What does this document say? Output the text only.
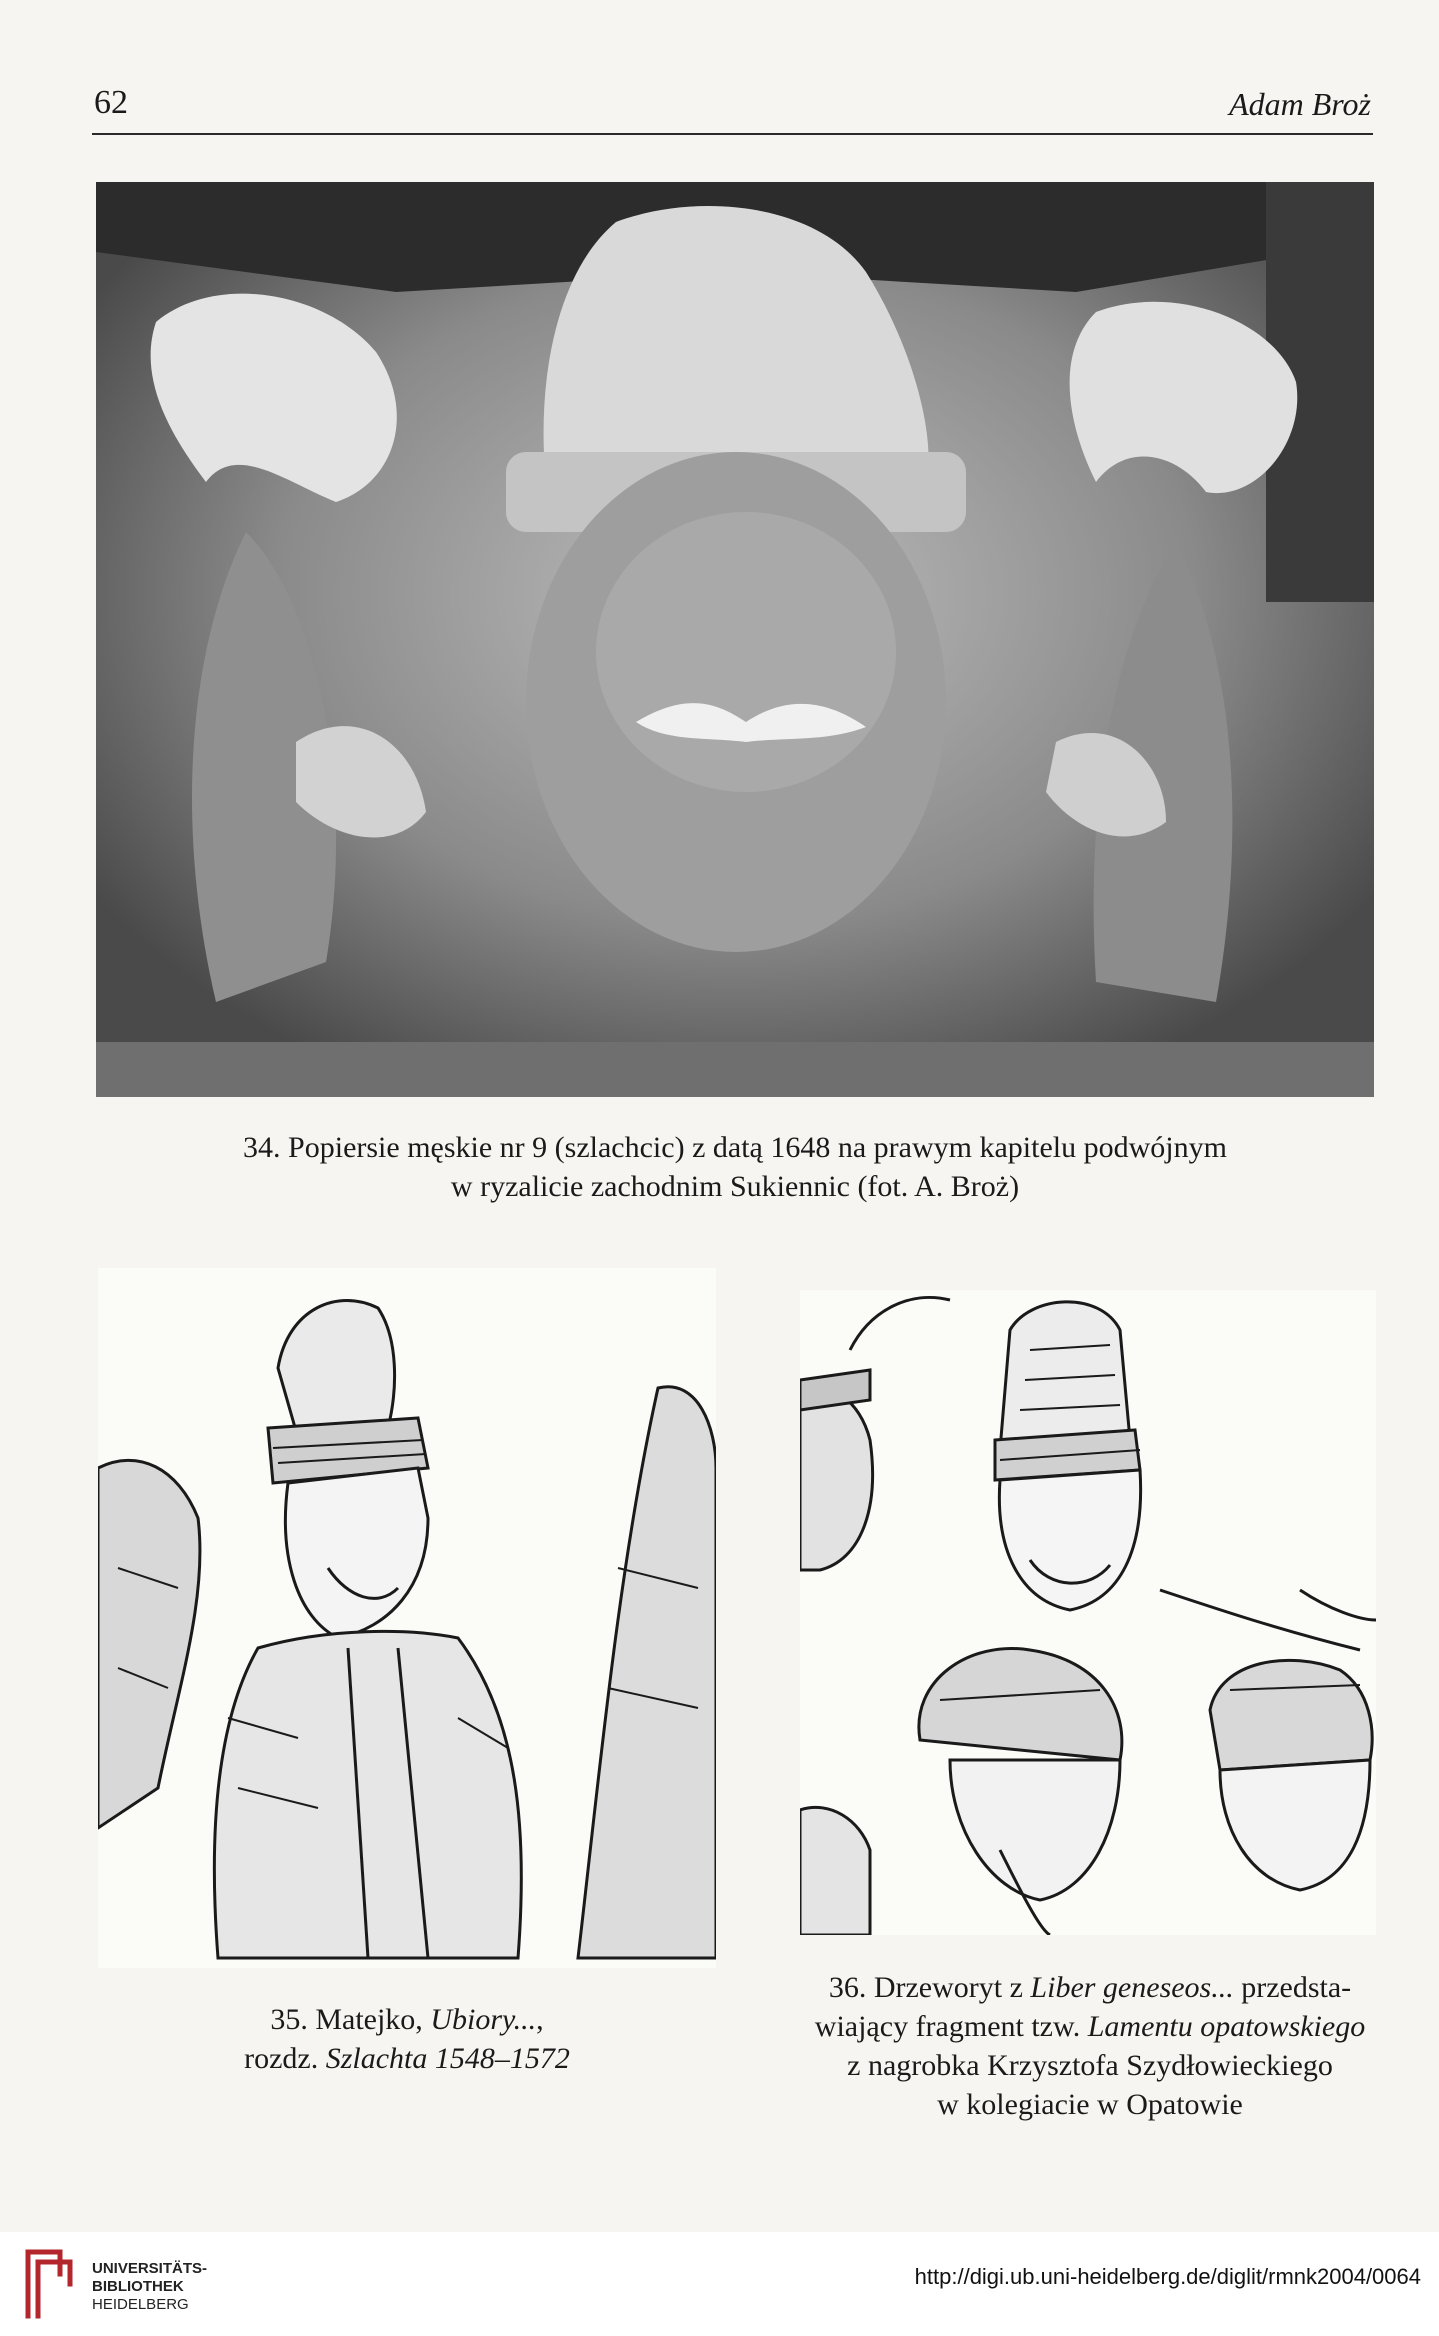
62	Adam Broż
34. Popiersie męskie nr 9 (szlachcic) z datą 1648 na prawym kapitelu podwójnym
w ryzalicie zachodnim Sukiennic (fot. A. Broż)
35. Matejko, Ubiory...,
rozdz. Szlachta 1548–1572
36. Drzeworyt z Liber geneseos... przedsta-
wiający fragment tzw. Lamentu opatowskiego
z nagrobka Krzysztofa Szydłowieckiego
w kolegiacie w Opatowie
UNIVERSITÄTS-
BIBLIOTHEK
HEIDELBERG
http://digi.ub.uni-heidelberg.de/diglit/rmnk2004/0064
